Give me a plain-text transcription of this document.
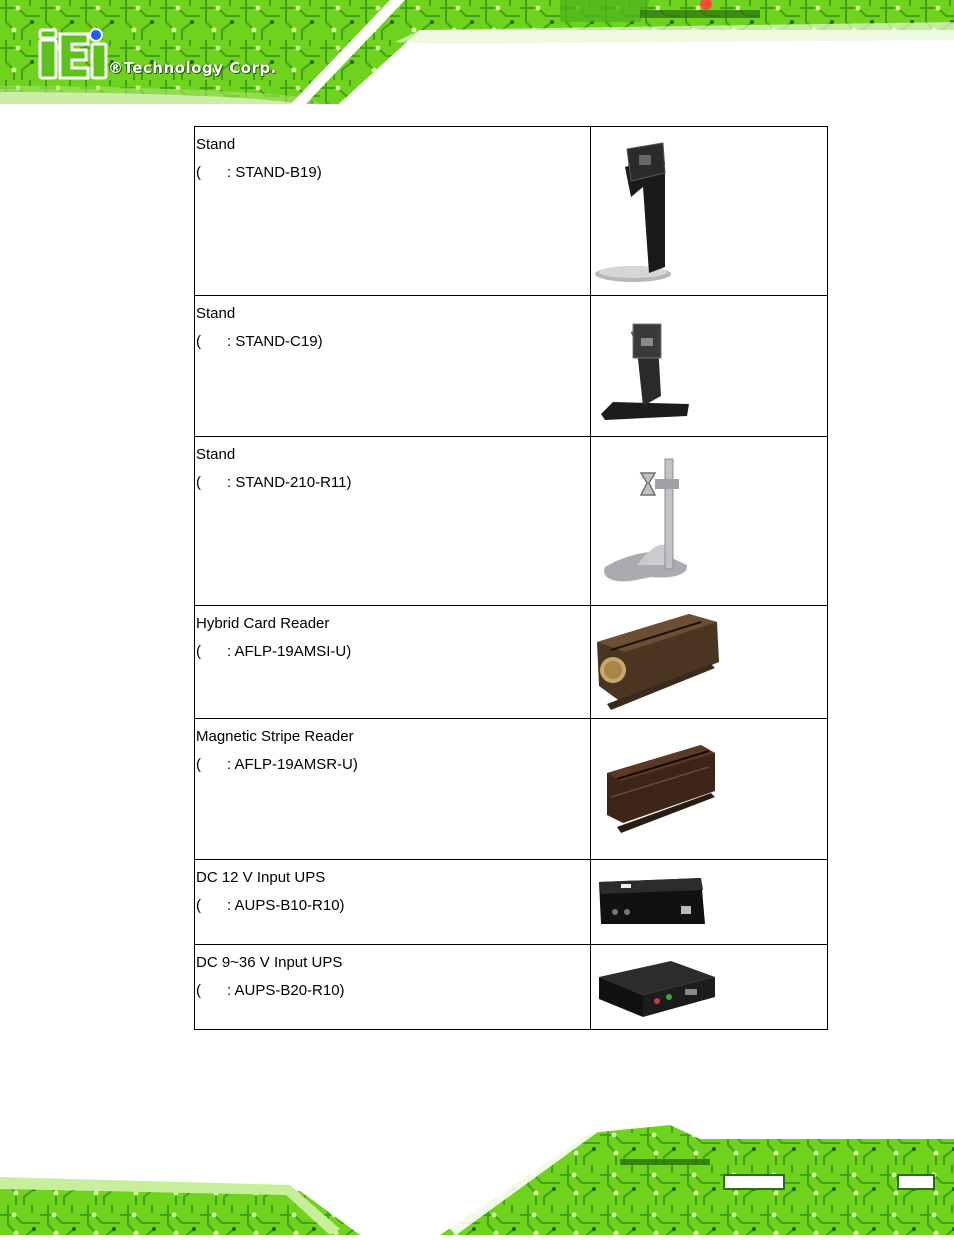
®Technology Corp.

Stand

( : STAND-B19)

Stand

( : STAND-C19)

Stand

( : STAND-210-R11)

Hybrid Card Reader

( : AFLP-19AMSI-U)

Magnetic Stripe Reader

( : AFLP-19AMSR-U)

DC 12 V Input UPS

( : AUPS-B10-R10)

DC 9~36 V Input UPS

( : AUPS-B20-R10)
